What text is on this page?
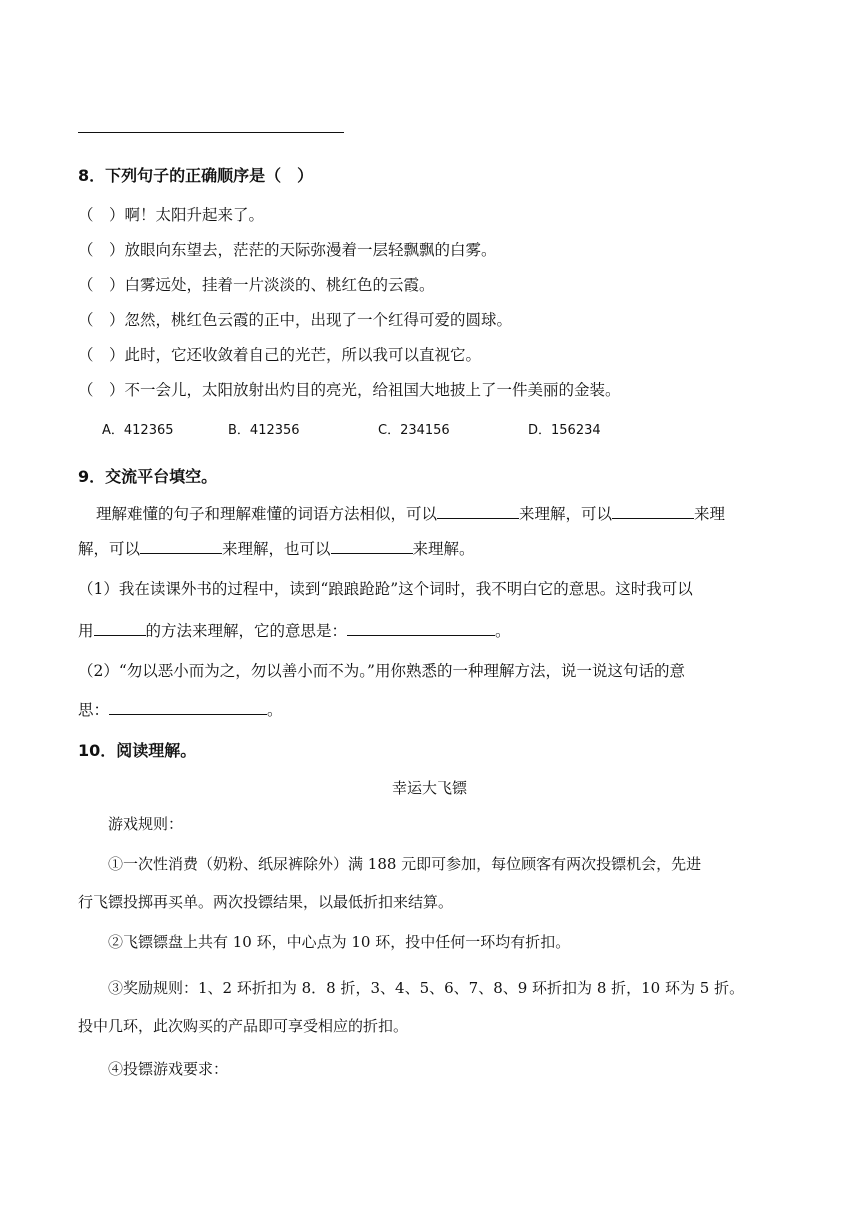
8．下列句子的正确顺序是（　）
（　）啊！太阳升起来了。
（　）放眼向东望去，茫茫的天际弥漫着一层轻飘飘的白雾。
（　）白雾远处，挂着一片淡淡的、桃红色的云霞。
（　）忽然，桃红色云霞的正中，出现了一个红得可爱的圆球。
（　）此时，它还收敛着自己的光芒，所以我可以直视它。
（　）不一会儿，太阳放射出灼目的亮光，给祖国大地披上了一件美丽的金装。
A．412365	B．412356	C．234156	D．156234
9．交流平台填空。
理解难懂的句子和理解难懂的词语方法相似，可以	来理解，可以	来理
解，可以	来理解，也可以	来理解。
（1）我在读课外书的过程中，读到“踉踉跄跄”这个词时，我不明白它的意思。这时我可以
用	的方法来理解，它的意思是：	。
（2）“勿以恶小而为之，勿以善小而不为。”用你熟悉的一种理解方法，说一说这句话的意
思：	。
10．阅读理解。
幸运大飞镖
游戏规则：
①一次性消费（奶粉、纸尿裤除外）满 188 元即可参加，每位顾客有两次投镖机会，先进
行飞镖投掷再买单。两次投镖结果，以最低折扣来结算。
②飞镖镖盘上共有 10 环，中心点为 10 环，投中任何一环均有折扣。
③奖励规则：1、2 环折扣为 8．8 折，3、4、5、6、7、8、9 环折扣为 8 折，10 环为 5 折。
投中几环，此次购买的产品即可享受相应的折扣。
④投镖游戏要求：
